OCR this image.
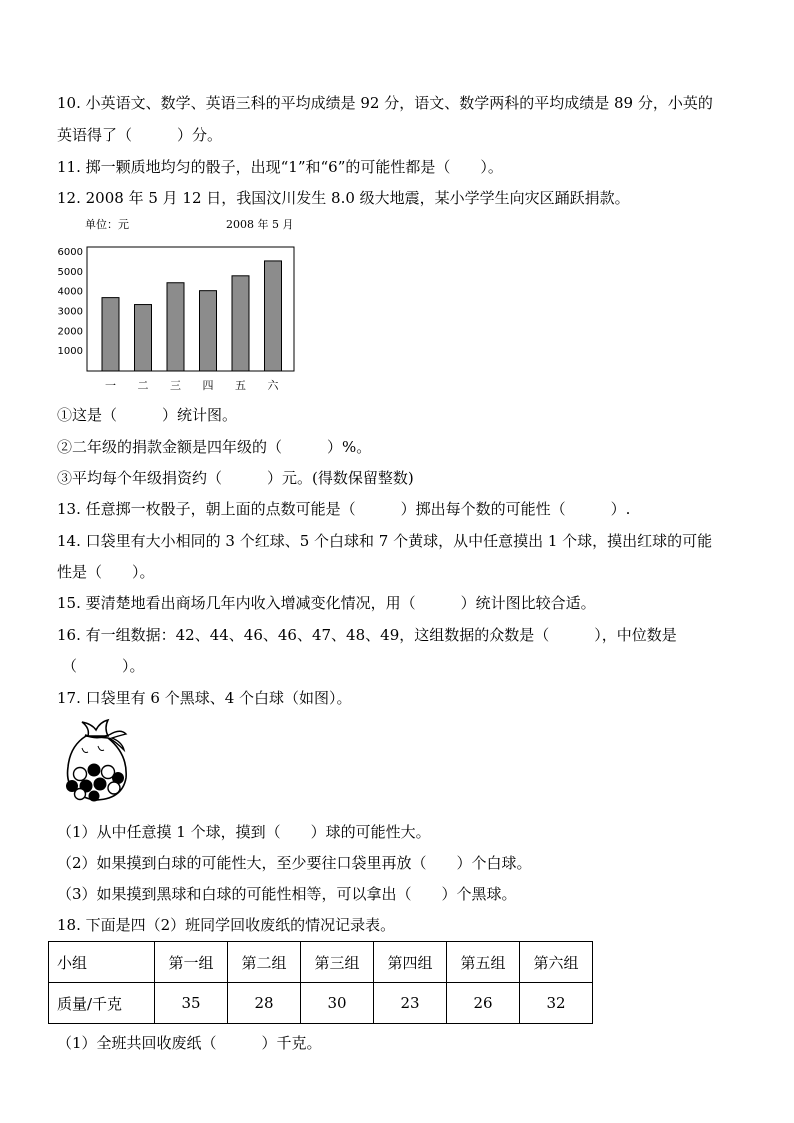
10. 小英语文、数学、英语三科的平均成绩是 92 分，语文、数学两科的平均成绩是 89 分，小英的
英语得了（　　　）分。
11. 掷一颗质地均匀的骰子，出现“1”和“6”的可能性都是（　　）。
12. 2008 年 5 月 12 日，我国汶川发生 8.0 级大地震，某小学学生向灾区踊跃捐款。
单位：元	2008 年 5 月
1000
2000
3000
4000
5000
6000
一 二 三 四 五 六
①这是（　　　）统计图。
②二年级的捐款金额是四年级的（　　　）%。
③平均每个年级捐资约（　　　）元。(得数保留整数)
13. 任意掷一枚骰子，朝上面的点数可能是（　　　）掷出每个数的可能性（　　　）.
14. 口袋里有大小相同的 3 个红球、5 个白球和 7 个黄球，从中任意摸出 1 个球，摸出红球的可能
性是（　　）。
15. 要清楚地看出商场几年内收入增减变化情况，用（　　　）统计图比较合适。
16. 有一组数据：42、44、46、46、47、48、49，这组数据的众数是（　　　），中位数是
（　　　）。
17. 口袋里有 6 个黑球、4 个白球（如图）。
（1）从中任意摸 1 个球，摸到（　　）球的可能性大。
（2）如果摸到白球的可能性大，至少要往口袋里再放（　　）个白球。
（3）如果摸到黑球和白球的可能性相等，可以拿出（　　）个黑球。
18. 下面是四（2）班同学回收废纸的情况记录表。
小组	第一组	第二组	第三组	第四组	第五组	第六组
质量/千克	35	28	30	23	26	32
（1）全班共回收废纸（　　　）千克。
